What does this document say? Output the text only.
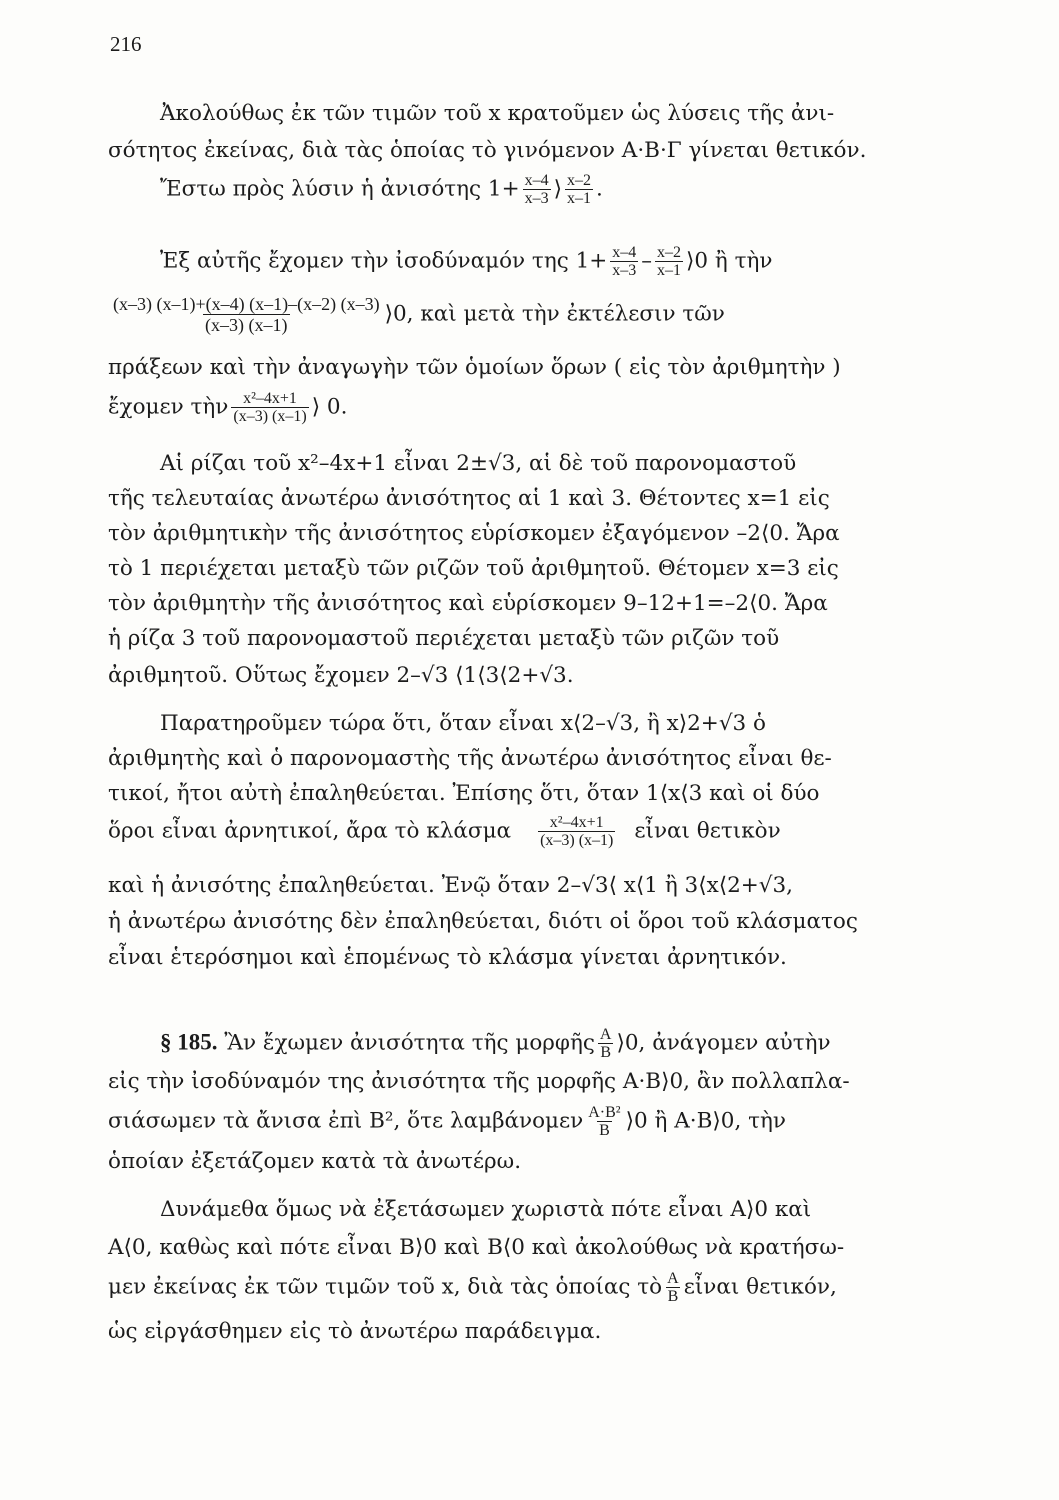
216
Ἀκολούθως ἐκ τῶν τιμῶν τοῦ x κρατοῦμεν ὡς λύσεις τῆς ἀνι-
σότητος ἐκείνας, διὰ τὰς ὁποίας τὸ γινόμενον Α·Β·Γ γίνεται θετικόν.
Ἔστω πρὸς λύσιν ἡ ἀνισότης $1+ \frac{x-4}{x-3}$ ⟩ $\frac{x-2}{x-1}$ .
Ἐξ αὐτῆς ἔχομεν τὴν ἰσοδύναμόν της $1+ \frac{x-4}{x-3} - \frac{x-2}{x-1}$ ⟩0 ἢ τὴν
$\frac{(x-3) (x-1)+(x-4) (x-1)-(x-2) (x-3)}{(x-3) (x-1)}$ ⟩0, καὶ μετὰ τὴν ἐκτέλεσιν τῶν
πράξεων καὶ τὴν ἀναγωγὴν τῶν ὁμοίων ὅρων ( εἰς τὸν ἀριθμητὴν )
ἔχομεν τὴν $\frac{\text{x²–4x+1}}{(x-3) (x-1)}$ ⟩ 0.
Αἱ ρίζαι τοῦ x²–4x+1 εἶναι 2±√3, αἱ δὲ τοῦ παρονομαστοῦ
τῆς τελευταίας ἀνωτέρω ἀνισότητος αἱ 1 καὶ 3. Θέτοντες x=1 εἰς
τὸν ἀριθμητικὴν τῆς ἀνισότητος εὑρίσκομεν ἐξαγόμενον –2⟨0. Ἄρα
τὸ 1 περιέχεται μεταξὺ τῶν ριζῶν τοῦ ἀριθμητοῦ. Θέτομεν x=3 εἰς
τὸν ἀριθμητὴν τῆς ἀνισότητος καὶ εὑρίσκομεν 9–12+1=–2⟨0. Ἄρα
ἡ ρίζα 3 τοῦ παρονομαστοῦ περιέχεται μεταξὺ τῶν ριζῶν τοῦ
ἀριθμητοῦ. Οὕτως ἔχομεν 2–√3 ⟨1⟨3⟨2+√3.
Παρατηροῦμεν τώρα ὅτι, ὅταν εἶναι x⟨2–√3, ἢ x⟩2+√3 ὁ
ἀριθμητὴς καὶ ὁ παρονομαστὴς τῆς ἀνωτέρω ἀνισότητος εἶναι θε-
τικοί, ἤτοι αὐτὴ ἐπαληθεύεται. Ἐπίσης ὅτι, ὅταν 1⟨x⟨3 καὶ οἱ δύο
ὅροι εἶναι ἀρνητικοί, ἄρα τὸ κλάσμα $\frac{\text{x²–4x+1}}{(x-3) (x-1)}$ εἶναι θετικὸν
καὶ ἡ ἀνισότης ἐπαληθεύεται. Ἐνῷ ὅταν 2–√3⟨ x⟨1 ἢ 3⟨x⟨2+√3,
ἡ ἀνωτέρω ἀνισότης δὲν ἐπαληθεύεται, διότι οἱ ὅροι τοῦ κλάσματος
εἶναι ἑτερόσημοι καὶ ἑπομένως τὸ κλάσμα γίνεται ἀρνητικόν.
§ 185. Ἂν ἔχωμεν ἀνισότητα τῆς μορφῆς $\frac{A}{B}$ ⟩0, ἀνάγομεν αὐτὴν
εἰς τὴν ἰσοδύναμόν της ἀνισότητα τῆς μορφῆς Α·Β⟩0, ἂν πολλαπλα-
σιάσωμεν τὰ ἄνισα ἐπὶ Β², ὅτε λαμβάνομεν $\frac{\text{Α·Β²}}{B}$ ⟩0 ἢ Α·Β⟩0, τὴν
ὁποίαν ἐξετάζομεν κατὰ τὰ ἀνωτέρω.
Δυνάμεθα ὅμως νὰ ἐξετάσωμεν χωριστὰ πότε εἶναι Α⟩0 καὶ
Α⟨0, καθὼς καὶ πότε εἶναι Β⟩0 καὶ Β⟨0 καὶ ἀκολούθως νὰ κρατήσω-
μεν ἐκείνας ἐκ τῶν τιμῶν τοῦ x, διὰ τὰς ὁποίας τὸ $\frac{A}{B}$ εἶναι θετικόν,
ὡς εἰργάσθημεν εἰς τὸ ἀνωτέρω παράδειγμα.
